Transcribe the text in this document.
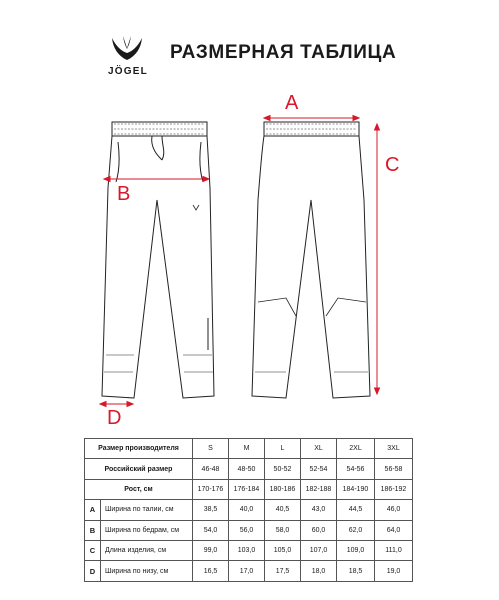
JÖGEL
РАЗМЕРНАЯ ТАБЛИЦА
A
B
C
D
Размер производителя		S	M	L	XL	2XL	3XL
Российский размер		46-48	48-50	50-52	52-54	54-56	56-58
Рост, см		170-176	176-184	180-186	182-188	184-190	186-192
A	Ширина по талии, см	38,5	40,0	40,5	43,0	44,5	46,0
B	Ширина по бедрам, см	54,0	56,0	58,0	60,0	62,0	64,0
C	Длина изделия, см	99,0	103,0	105,0	107,0	109,0	111,0
D	Ширина по низу, см	16,5	17,0	17,5	18,0	18,5	19,0
